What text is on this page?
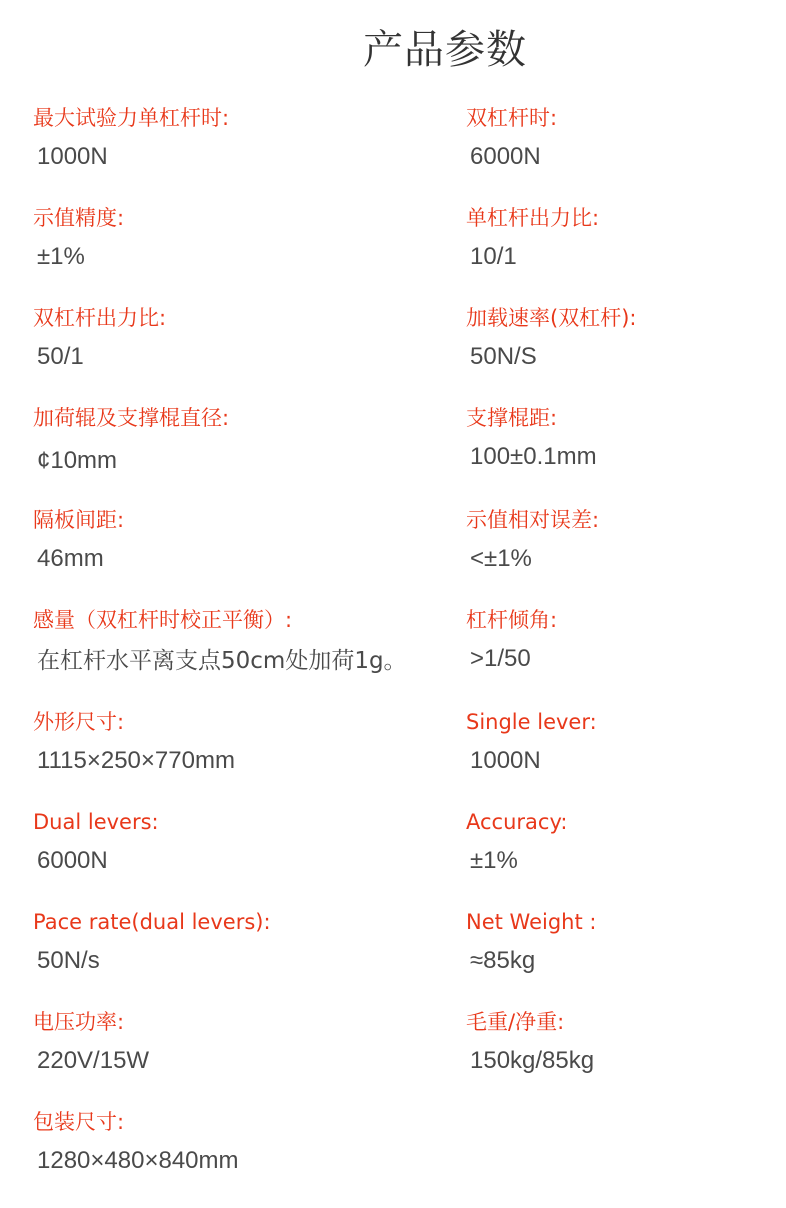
产品参数
最大试验力单杠杆时:
1000N
双杠杆时:
6000N
示值精度:
±1%
单杠杆出力比:
10/1
双杠杆出力比:
50/1
加载速率(双杠杆):
50N/S
加荷辊及支撑棍直径:
¢10mm
支撑棍距:
100±0.1mm
隔板间距:
46mm
示值相对误差:
<±1%
感量（双杠杆时校正平衡）:
在杠杆水平离支点50cm处加荷1g。
杠杆倾角:
>1/50
外形尺寸:
1115×250×770mm
Single lever:
1000N
Dual levers:
6000N
Accuracy:
±1%
Pace rate(dual levers):
50N/s
Net Weight :
≈85kg
电压功率:
220V/15W
毛重/净重:
150kg/85kg
包装尺寸:
1280×480×840mm
